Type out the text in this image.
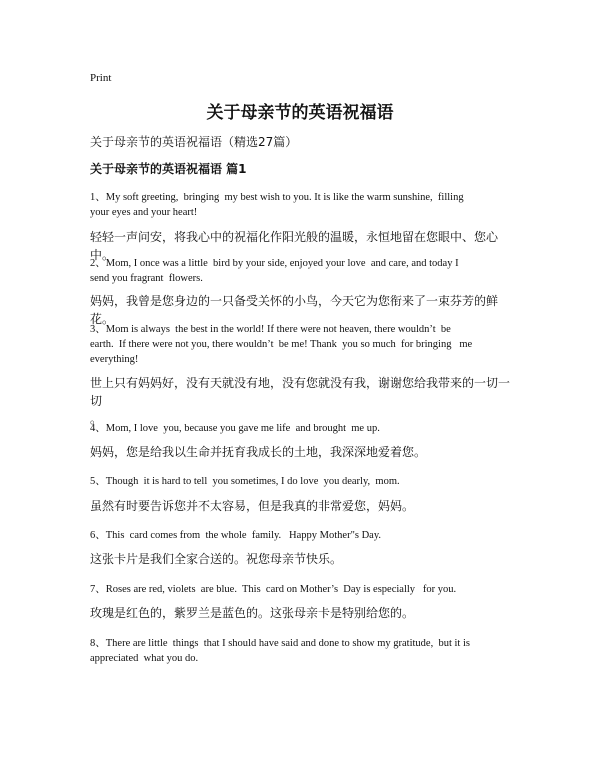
Print
关于母亲节的英语祝福语
关于母亲节的英语祝福语（精选27篇）
关于母亲节的英语祝福语 篇1
1、My soft greeting,  bringing  my best wish to you. It is like the warm sunshine,  filling
your eyes and your heart!
轻轻一声问安，将我心中的祝福化作阳光般的温暖，永恒地留在您眼中、您心中。
2、Mom, I once was a little  bird by your side, enjoyed your love  and care, and today I
send you fragrant  flowers.
妈妈，我曾是您身边的一只备受关怀的小鸟，今天它为您衔来了一束芬芳的鲜花。
3、Mom is always  the best in the world! If there were not heaven, there wouldn’t  be
earth.  If there were not you, there wouldn’t  be me! Thank  you so much  for bringing   me
everything!
世上只有妈妈好，没有天就没有地，没有您就没有我，谢谢您给我带来的一切一切
。
4、Mom, I love  you, because you gave me life  and brought  me up.
妈妈，您是给我以生命并抚育我成长的土地，我深深地爱着您。
5、Though  it is hard to tell  you sometimes, I do love  you dearly,  mom.
虽然有时要告诉您并不太容易，但是我真的非常爱您，妈妈。
6、This  card comes from  the whole  family.   Happy Mother"s Day.
这张卡片是我们全家合送的。祝您母亲节快乐。
7、Roses are red, violets  are blue.  This  card on Mother’s  Day is especially   for you.
玫瑰是红色的，紫罗兰是蓝色的。这张母亲卡是特别给您的。
8、There are little  things  that I should have said and done to show my gratitude,  but it is
appreciated  what you do.
